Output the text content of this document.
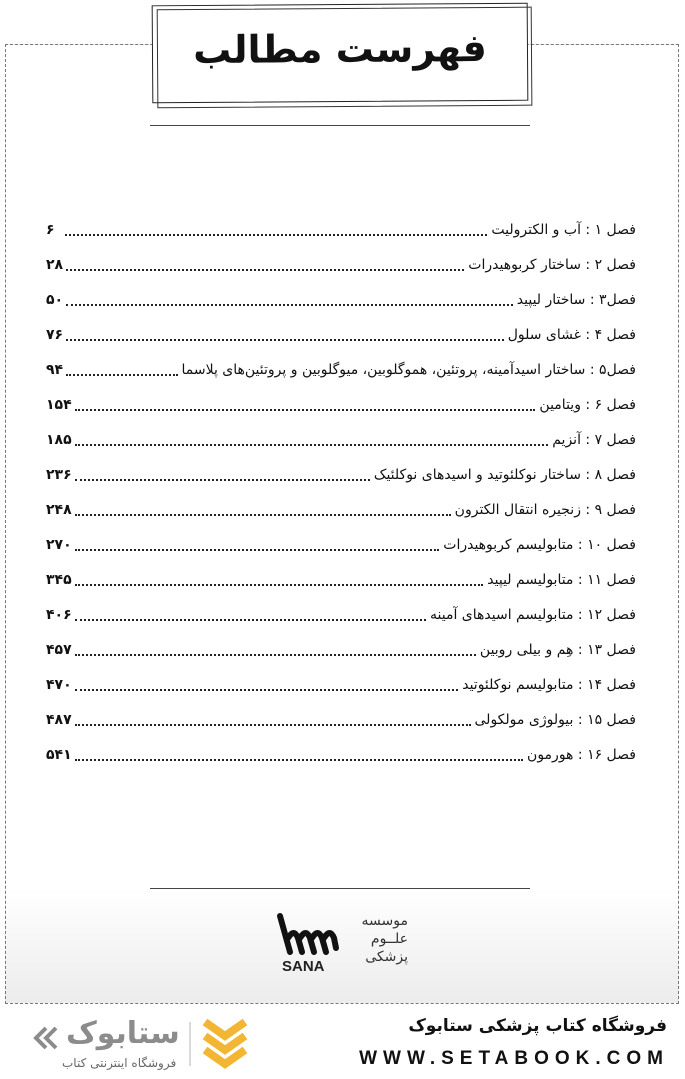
فهرست مطالب
فصل ۱ : آب و الکترولیت
۶
فصل ۲ : ساختار کربوهیدرات
۲۸
فصل۳ : ساختار لیپید
۵۰
فصل ۴ : غشای سلول
۷۶
فصل۵ : ساختار اسیدآمینه، پروتئین، هموگلوبین، میوگلوبین و پروتئین‌های پلاسما
۹۴
فصل ۶ : ویتامین
۱۵۴
فصل ۷ : آنزیم
۱۸۵
فصل ۸ : ساختار نوکلئوتید و اسیدهای نوکلئیک
۲۳۶
فصل ۹ : زنجیره انتقال الکترون
۲۴۸
فصل ۱۰ : متابولیسم کربوهیدرات
۲۷۰
فصل ۱۱ : متابولیسم لیپید
۳۴۵
فصل ۱۲ : متابولیسم اسیدهای آمینه
۴۰۶
فصل ۱۳ : هِم و بیلی روبین
۴۵۷
فصل ۱۴ : متابولیسم نوکلئوتید
۴۷۰
فصل ۱۵ : بیولوژی مولکولی
۴۸۷
فصل ۱۶ : هورمون
۵۴۱
موسسه
علــوم
پزشکی
SANA
ستابوک
فروشگاه اینترنتی کتاب
فروشگاه کتاب پزشکی ستابوک
WWW.SETABOOK.COM
